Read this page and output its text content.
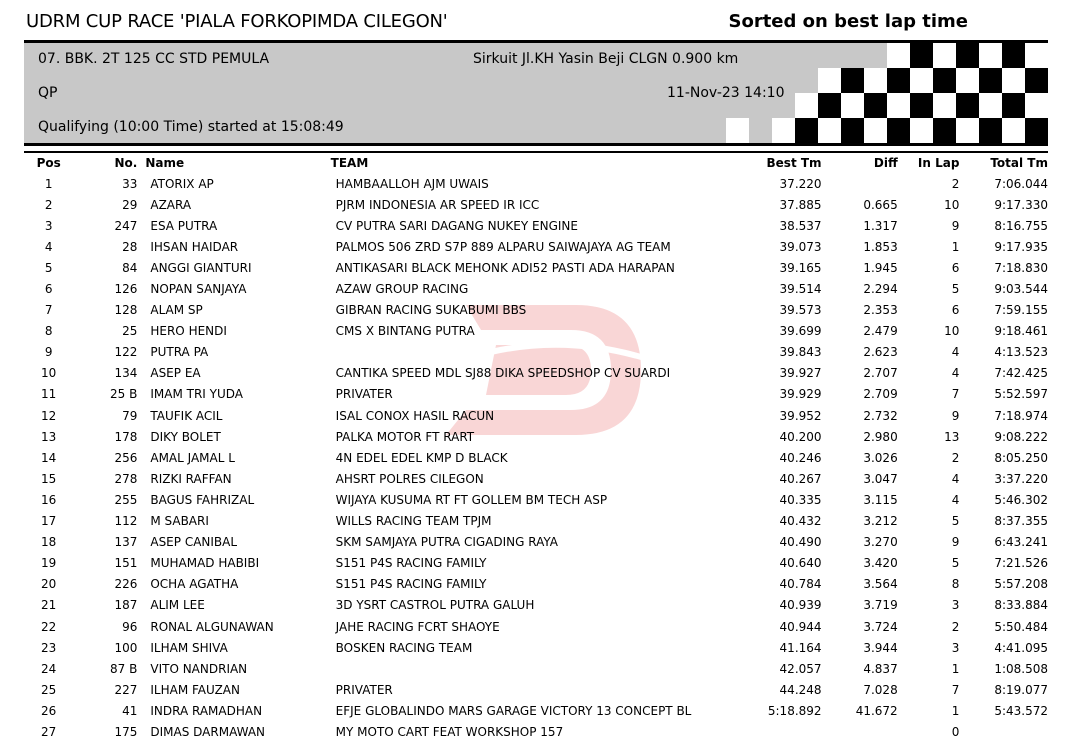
UDRM CUP RACE 'PIALA FORKOPIMDA CILEGON'	Sorted on best lap time
07. BBK. 2T 125 CC STD PEMULA	Sirkuit Jl.KH Yasin Beji CLGN 0.900 km
QP	11-Nov-23 14:10
Qualifying (10:00 Time) started at 15:08:49
Pos	No.	Name	TEAM	Best Tm	Diff	In Lap	Total Tm
1	33	ATORIX AP	HAMBAALLOH AJM UWAIS	37.220		2	7:06.044
2	29	AZARA	PJRM INDONESIA AR SPEED IR ICC	37.885	0.665	10	9:17.330
3	247	ESA PUTRA	CV PUTRA SARI DAGANG NUKEY ENGINE	38.537	1.317	9	8:16.755
4	28	IHSAN HAIDAR	PALMOS 506 ZRD S7P 889 ALPARU SAIWAJAYA AG TEAM	39.073	1.853	1	9:17.935
5	84	ANGGI GIANTURI	ANTIKASARI BLACK MEHONK ADI52 PASTI ADA HARAPAN	39.165	1.945	6	7:18.830
6	126	NOPAN SANJAYA	AZAW GROUP RACING	39.514	2.294	5	9:03.544
7	128	ALAM SP	GIBRAN RACING SUKABUMI BBS	39.573	2.353	6	7:59.155
8	25	HERO HENDI	CMS X BINTANG PUTRA	39.699	2.479	10	9:18.461
9	122	PUTRA PA		39.843	2.623	4	4:13.523
10	134	ASEP EA	CANTIKA SPEED MDL SJ88 DIKA SPEEDSHOP CV SUARDI	39.927	2.707	4	7:42.425
11	25 B	IMAM TRI YUDA	PRIVATER	39.929	2.709	7	5:52.597
12	79	TAUFIK ACIL	ISAL CONOX HASIL RACUN	39.952	2.732	9	7:18.974
13	178	DIKY BOLET	PALKA MOTOR FT RART	40.200	2.980	13	9:08.222
14	256	AMAL JAMAL L	4N EDEL EDEL KMP D BLACK	40.246	3.026	2	8:05.250
15	278	RIZKI RAFFAN	AHSRT POLRES CILEGON	40.267	3.047	4	3:37.220
16	255	BAGUS FAHRIZAL	WIJAYA KUSUMA RT FT GOLLEM BM TECH ASP	40.335	3.115	4	5:46.302
17	112	M SABARI	WILLS RACING TEAM TPJM	40.432	3.212	5	8:37.355
18	137	ASEP CANIBAL	SKM SAMJAYA PUTRA CIGADING RAYA	40.490	3.270	9	6:43.241
19	151	MUHAMAD HABIBI	S151 P4S RACING FAMILY	40.640	3.420	5	7:21.526
20	226	OCHA AGATHA	S151 P4S RACING FAMILY	40.784	3.564	8	5:57.208
21	187	ALIM LEE	3D YSRT CASTROL PUTRA GALUH	40.939	3.719	3	8:33.884
22	96	RONAL ALGUNAWAN	JAHE RACING FCRT SHAOYE	40.944	3.724	2	5:50.484
23	100	ILHAM SHIVA	BOSKEN RACING TEAM	41.164	3.944	3	4:41.095
24	87 B	VITO NANDRIAN		42.057	4.837	1	1:08.508
25	227	ILHAM FAUZAN	PRIVATER	44.248	7.028	7	8:19.077
26	41	INDRA RAMADHAN	EFJE GLOBALINDO MARS GARAGE VICTORY 13 CONCEPT BL	5:18.892	41.672	1	5:43.572
27	175	DIMAS DARMAWAN	MY MOTO CART FEAT WORKSHOP 157			0	
